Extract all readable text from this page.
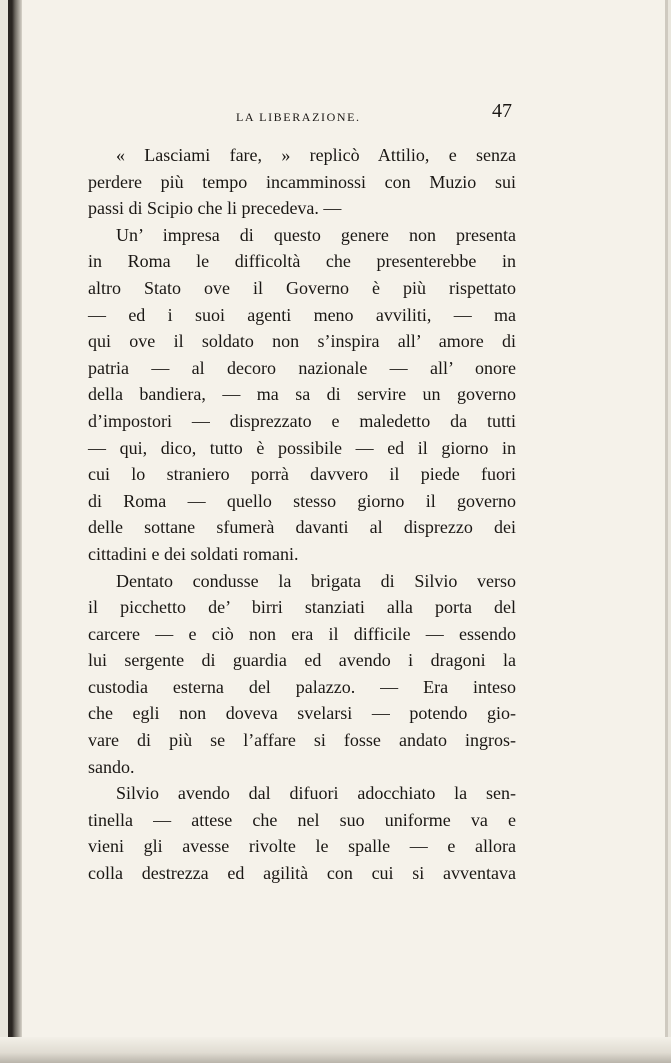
LA LIBERAZIONE.	47
« Lasciami fare, » replicò Attilio, e senza
perdere più tempo incamminossi con Muzio sui
passi di Scipio che li precedeva. —
Un’ impresa di questo genere non presenta
in Roma le difficoltà che presenterebbe in
altro Stato ove il Governo è più rispettato
— ed i suoi agenti meno avviliti, — ma
qui ove il soldato non s’inspira all’ amore di
patria — al decoro nazionale — all’ onore
della bandiera, — ma sa di servire un governo
d’impostori — disprezzato e maledetto da tutti
— qui, dico, tutto è possibile — ed il giorno in
cui lo straniero porrà davvero il piede fuori
di Roma — quello stesso giorno il governo
delle sottane sfumerà davanti al disprezzo dei
cittadini e dei soldati romani.
Dentato condusse la brigata di Silvio verso
il picchetto de’ birri stanziati alla porta del
carcere — e ciò non era il difficile — essendo
lui sergente di guardia ed avendo i dragoni la
custodia esterna del palazzo. — Era inteso
che egli non doveva svelarsi — potendo gio-
vare di più se l’affare si fosse andato ingros-
sando.
Silvio avendo dal difuori adocchiato la sen-
tinella — attese che nel suo uniforme va e
vieni gli avesse rivolte le spalle — e allora
colla destrezza ed agilità con cui si avventava
